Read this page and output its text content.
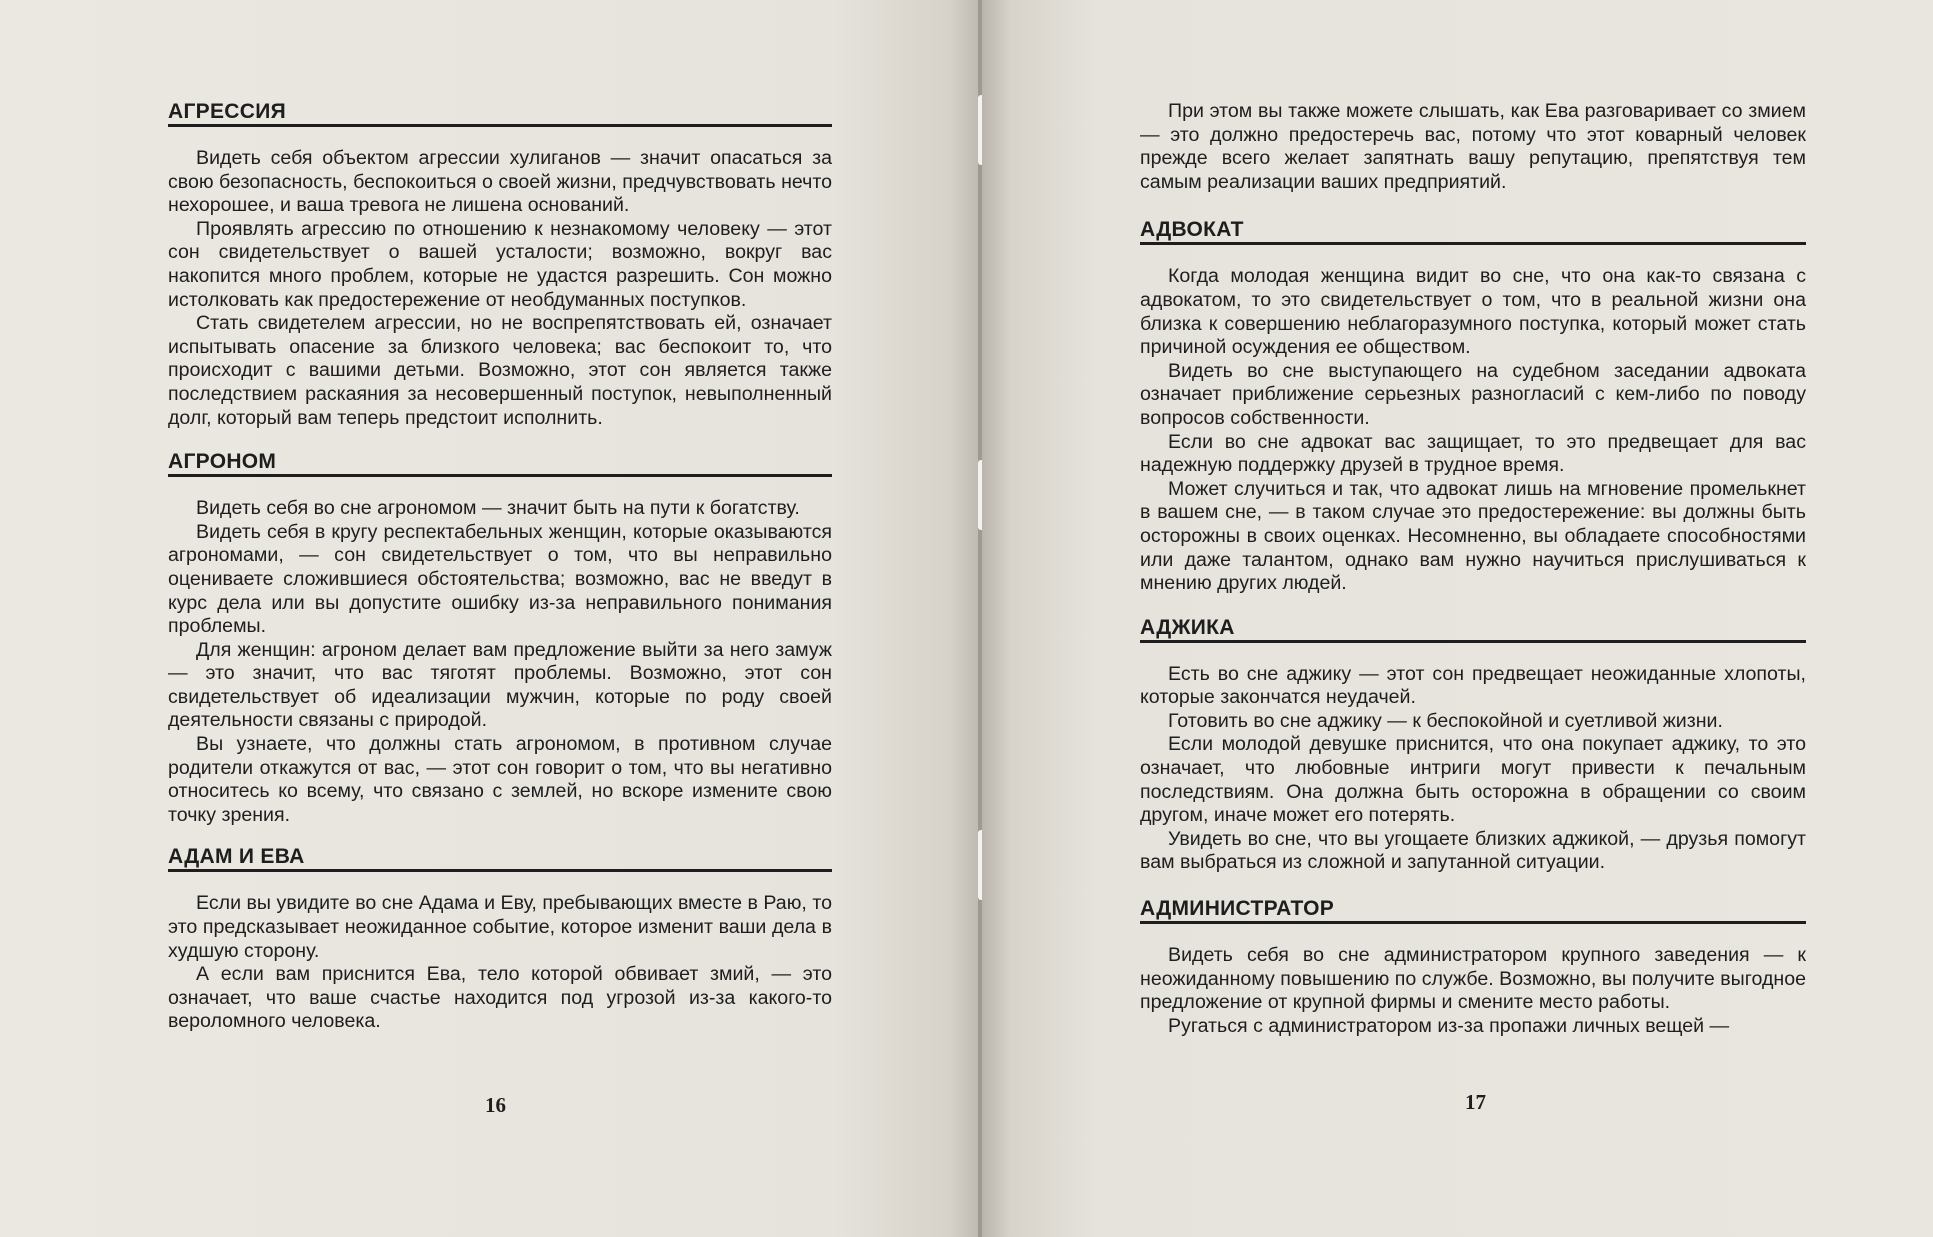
АГРЕССИЯ

Видеть себя объектом агрессии хулиганов — значит опасаться за свою безопасность, беспокоиться о своей жизни, предчувствовать нечто нехорошее, и ваша тревога не лишена оснований.

Проявлять агрессию по отношению к незнакомому человеку — этот сон свидетельствует о вашей усталости; возможно, вокруг вас накопится много проблем, которые не удастся разрешить. Сон можно истолковать как предостережение от необдуманных поступков.

Стать свидетелем агрессии, но не воспрепятствовать ей, означает испытывать опасение за близкого человека; вас беспокоит то, что происходит с вашими детьми. Возможно, этот сон является также последствием раскаяния за несовершенный поступок, невыполненный долг, который вам теперь предстоит исполнить.

АГРОНОМ

Видеть себя во сне агрономом — значит быть на пути к богатству.

Видеть себя в кругу респектабельных женщин, которые оказываются агрономами, — сон свидетельствует о том, что вы неправильно оцениваете сложившиеся обстоятельства; возможно, вас не введут в курс дела или вы допустите ошибку из-за неправильного понимания проблемы.

Для женщин: агроном делает вам предложение выйти за него замуж — это значит, что вас тяготят проблемы. Возможно, этот сон свидетельствует об идеализации мужчин, которые по роду своей деятельности связаны с природой.

Вы узнаете, что должны стать агрономом, в противном случае родители откажутся от вас, — этот сон говорит о том, что вы негативно относитесь ко всему, что связано с землей, но вскоре измените свою точку зрения.

АДАМ И ЕВА

Если вы увидите во сне Адама и Еву, пребывающих вместе в Раю, то это предсказывает неожиданное событие, которое изменит ваши дела в худшую сторону.

А если вам приснится Ева, тело которой обвивает змий, — это означает, что ваше счастье находится под угрозой из-за какого-то вероломного человека.

16

При этом вы также можете слышать, как Ева разговаривает со змием — это должно предостеречь вас, потому что этот коварный человек прежде всего желает запятнать вашу репутацию, препятствуя тем самым реализации ваших предприятий.

АДВОКАТ

Когда молодая женщина видит во сне, что она как-то связана с адвокатом, то это свидетельствует о том, что в реальной жизни она близка к совершению неблагоразумного поступка, который может стать причиной осуждения ее обществом.

Видеть во сне выступающего на судебном заседании адвоката означает приближение серьезных разногласий с кем-либо по поводу вопросов собственности.

Если во сне адвокат вас защищает, то это предвещает для вас надежную поддержку друзей в трудное время.

Может случиться и так, что адвокат лишь на мгновение промелькнет в вашем сне, — в таком случае это предостережение: вы должны быть осторожны в своих оценках. Несомненно, вы обладаете способностями или даже талантом, однако вам нужно научиться прислушиваться к мнению других людей.

АДЖИКА

Есть во сне аджику — этот сон предвещает неожиданные хлопоты, которые закончатся неудачей.

Готовить во сне аджику — к беспокойной и суетливой жизни.

Если молодой девушке приснится, что она покупает аджику, то это означает, что любовные интриги могут привести к печальным последствиям. Она должна быть осторожна в обращении со своим другом, иначе может его потерять.

Увидеть во сне, что вы угощаете близких аджикой, — друзья помогут вам выбраться из сложной и запутанной ситуации.

АДМИНИСТРАТОР

Видеть себя во сне администратором крупного заведения — к неожиданному повышению по службе. Возможно, вы получите выгодное предложение от крупной фирмы и смените место работы.

Ругаться с администратором из-за пропажи личных вещей —

17
